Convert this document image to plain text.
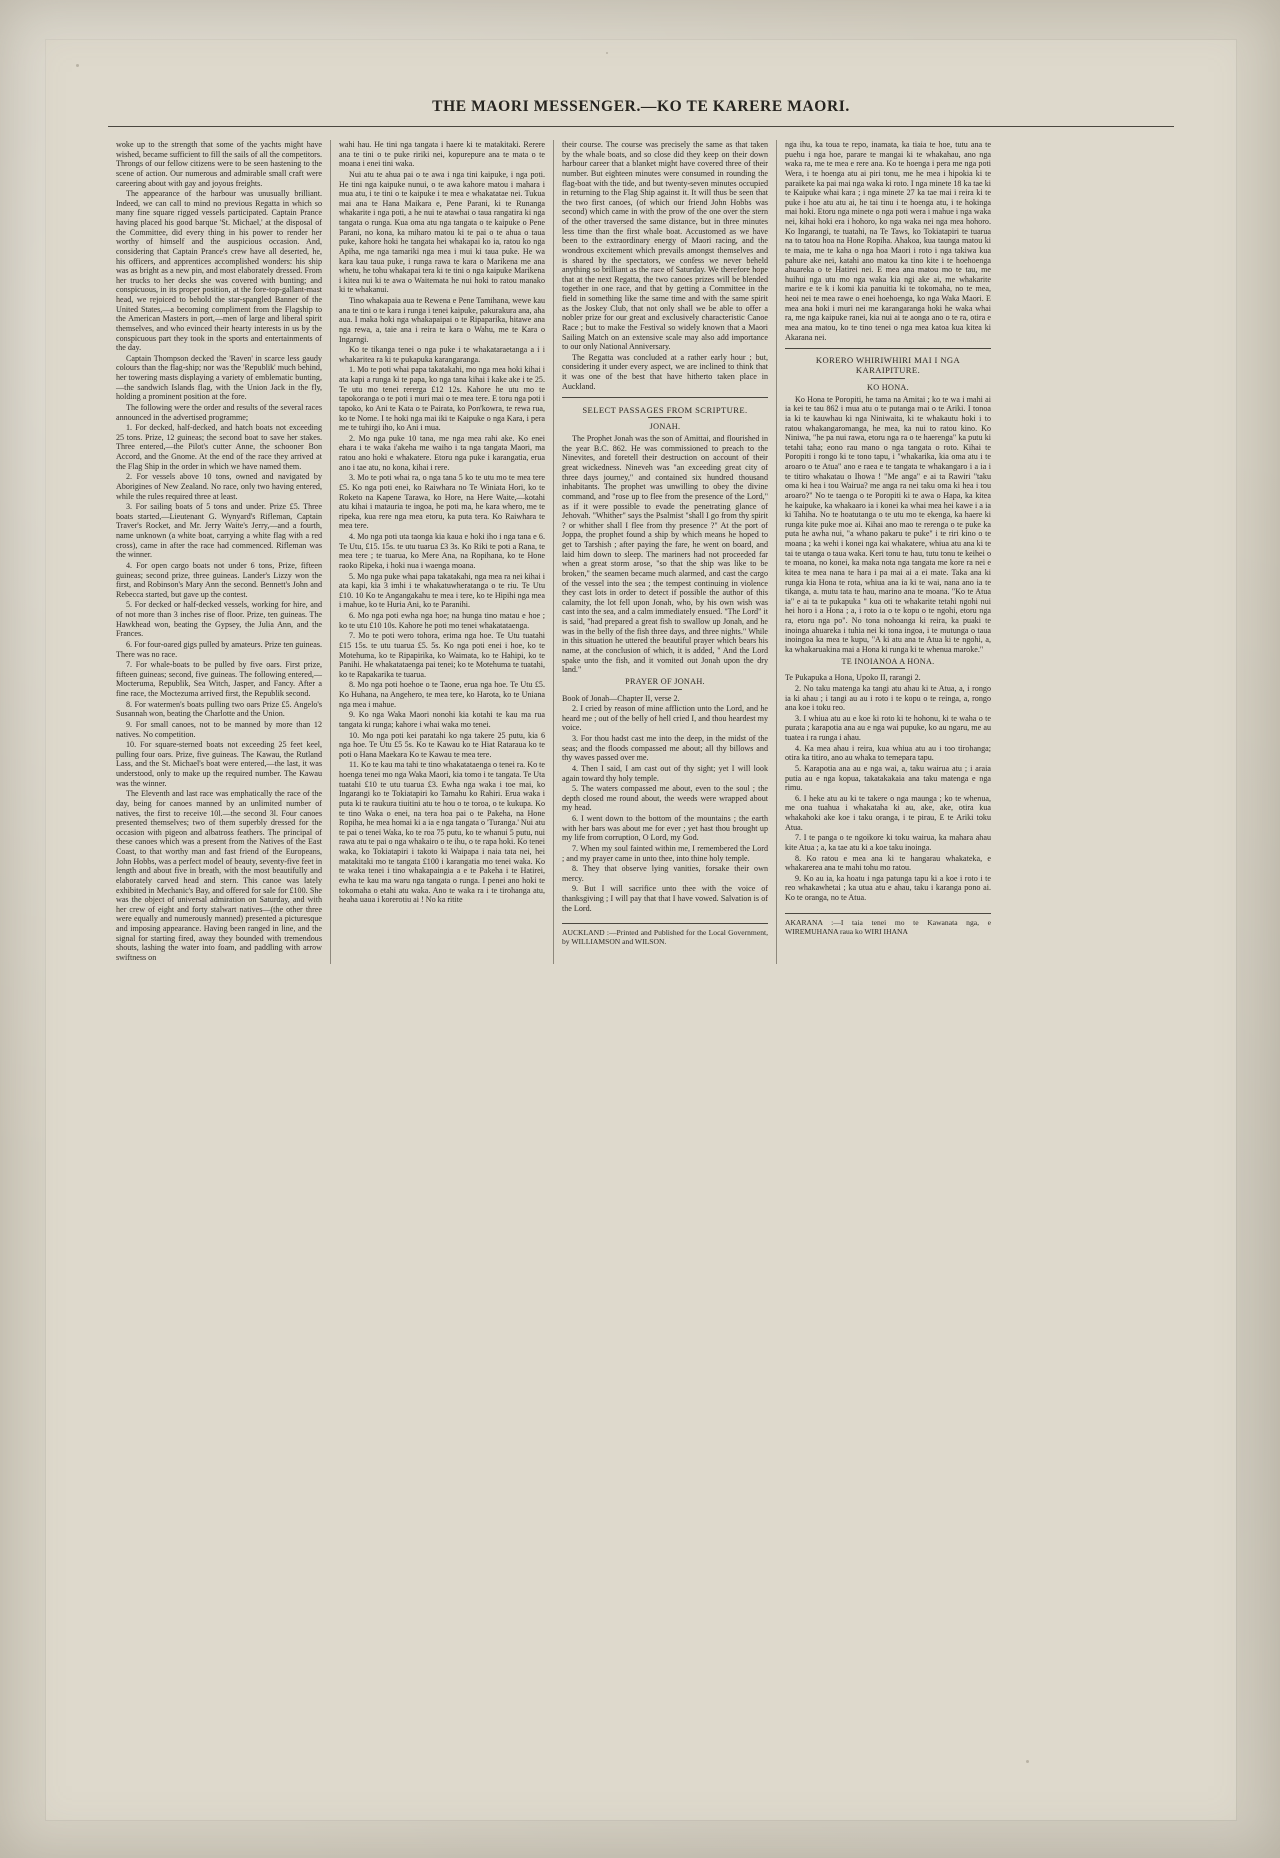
THE MAORI MESSENGER.—KO TE KARERE MAORI.

woke up to the strength that some of the yachts might have wished, became sufficient to fill the sails of all the competitors. Throngs of our fellow citizens were to be seen hastening to the scene of action. Our numerous and admirable small craft were careering about with gay and joyous freights.

The appearance of the harbour was unusually brilliant. Indeed, we can call to mind no previous Regatta in which so many fine square rigged vessels participated. Captain Prance having placed his good barque 'St. Michael,' at the disposal of the Committee, did every thing in his power to render her worthy of himself and the auspicious occasion. And, considering that Captain Prance's crew have all deserted, he, his officers, and apprentices accomplished wonders: his ship was as bright as a new pin, and most elaborately dressed. From her trucks to her decks she was covered with bunting; and conspicuous, in its proper position, at the fore-top-gallant-mast head, we rejoiced to behold the star-spangled Banner of the United States,—a becoming compliment from the Flagship to the American Masters in port,—men of large and liberal spirit themselves, and who evinced their hearty interests in us by the conspicuous part they took in the sports and entertainments of the day.

Captain Thompson decked the 'Raven' in scarce less gaudy colours than the flag-ship; nor was the 'Republik' much behind, her towering masts displaying a variety of emblematic bunting,—the sandwich Islands flag, with the Union Jack in the fly, holding a prominent position at the fore.

The following were the order and results of the several races announced in the advertised programme;

1. For decked, half-decked, and hatch boats not exceeding 25 tons. Prize, 12 guineas; the second boat to save her stakes. Three entered,—the Pilot's cutter Anne, the schooner Bon Accord, and the Gnome. At the end of the race they arrived at the Flag Ship in the order in which we have named them.

2. For vessels above 10 tons, owned and navigated by Aborigines of New Zealand. No race, only two having entered, while the rules required three at least.

3. For sailing boats of 5 tons and under. Prize £5. Three boats started,—Lieutenant G. Wynyard's Rifleman, Captain Traver's Rocket, and Mr. Jerry Waite's Jerry,—and a fourth, name unknown (a white boat, carrying a white flag with a red cross), came in after the race had commenced. Rifleman was the winner.

4. For open cargo boats not under 6 tons, Prize, fifteen guineas; second prize, three guineas. Lander's Lizzy won the first, and Robinson's Mary Ann the second. Bennett's John and Rebecca started, but gave up the contest.

5. For decked or half-decked vessels, working for hire, and of not more than 3 inches rise of floor. Prize, ten guineas. The Hawkhead won, beating the Gypsey, the Julia Ann, and the Frances.

6. For four-oared gigs pulled by amateurs. Prize ten guineas. There was no race.

7. For whale-boats to be pulled by five oars. First prize, fifteen guineas; second, five guineas. The following entered,—Mocteruma, Republik, Sea Witch, Jasper, and Fancy. After a fine race, the Moctezuma arrived first, the Republik second.

8. For watermen's boats pulling two oars Prize £5. Angelo's Susannah won, beating the Charlotte and the Union.

9. For small canoes, not to be manned by more than 12 natives. No competition.

10. For square-sterned boats not exceeding 25 feet keel, pulling four oars. Prize, five guineas. The Kawau, the Rutland Lass, and the St. Michael's boat were entered,—the last, it was understood, only to make up the required number. The Kawau was the winner.

The Eleventh and last race was emphatically the race of the day, being for canoes manned by an unlimited number of natives, the first to receive 10l.—the second 3l. Four canoes presented themselves; two of them superbly dressed for the occasion with pigeon and albatross feathers. The principal of these canoes which was a present from the Natives of the East Coast, to that worthy man and fast friend of the Europeans, John Hobbs, was a perfect model of beauty, seventy-five feet in length and about five in breath, with the most beautifully and elaborately carved head and stern. This canoe was lately exhibited in Mechanic's Bay, and offered for sale for £100. She was the object of universal admiration on Saturday, and with her crew of eight and forty stalwart natives—(the other three were equally and numerously manned) presented a picturesque and imposing appearance. Having been ranged in line, and the signal for starting fired, away they bounded with tremendous shouts, lashing the water into foam, and paddling with arrow swiftness on

wahi hau. He tini nga tangata i haere ki te matakitaki. Rerere ana te tini o te puke ririki nei, kopurepure ana te mata o te moana i enei tini waka.

Nui atu te ahua pai o te awa i nga tini kaipuke, i nga poti. He tini nga kaipuke nunui, o te awa kahore matou i mahara i mua atu, i te tini o te kaipuke i te mea e whakatatae nei. Tukua mai ana te Hana Maikara e, Pene Parani, ki te Runanga whakarite i nga poti, a he nui te atawhai o taua rangatira ki nga tangata o runga. Kua oma atu nga tangata o te kaipuke o Pene Parani, no kona, ka miharo matou ki te pai o te ahua o taua puke, kahore hoki he tangata hei whakapai ko ia, ratou ko nga Apiha, me nga tamariki nga mea i mui ki taua puke. He wa kara kau taua puke, i runga rawa te kara o Marikena me ana whetu, he tohu whakapai tera ki te tini o nga kaipuke Marikena i kitea nui ki te awa o Waitemata he nui hoki to ratou manako ki te whakanui.

Tino whakapaia aua te Rewena e Pene Tamihana, wewe kau ana te tini o te kara i runga i tenei kaipuke, pakurakura ana, aha aua. I maka hoki nga whakapaipai o te Ripaparika, hitawe ana nga rewa, a, taie ana i reira te kara o Wahu, me te Kara o Ingarngi.

Ko te tikanga tenei o nga puke i te whakataraetanga a i i whakaritea ra ki te pukapuka karangaranga.

1. Mo te poti whai papa takatakahi, mo nga mea hoki kihai i ata kapi a runga ki te papa, ko nga tana kihai i kake ake i te 25. Te utu mo tenei rererga £12 12s. Kahore he utu mo te tapokoranga o te poti i muri mai o te mea tere. E toru nga poti i tapoko, ko Ani te Kata o te Pairata, ko Pon'kowra, te rewa rua, ko te Nome. I te hoki nga mai iki te Kaipuke o nga Kara, i pera me te tuhirgi iho, ko Ani i mua.

2. Mo nga puke 10 tana, me nga mea rahi ake. Ko enei ehara i te waka i'akeha me waiho i ta nga tangata Maori, ma ratou ano hoki e whakatere. Etoru nga puke i karangatia, erua ano i tae atu, no kona, kihai i rere.

3. Mo te poti whai ra, o nga tana 5 ko te utu mo te mea tere £5. Ko nga poti enei, ko Raiwhara no Te Winiata Hori, ko te Roketo na Kapene Tarawa, ko Hore, na Here Waite,—kotahi atu kihai i matauria te ingoa, he poti ma, he kara whero, me te ripeka, kua rere nga mea etoru, ka puta tera. Ko Raiwhara te mea tere.

4. Mo nga poti uta taonga kia kaua e hoki iho i nga tana e 6. Te Utu, £15. 15s. te utu tuarua £3 3s. Ko Riki te poti a Rana, te mea tere ; te tuarua, ko Mere Ana, na Ropihana, ko te Hone raoko Ripeka, i hoki nua i waenga moana.

5. Mo nga puke whai papa takatakahi, nga mea ra nei kihai i ata kapi, kia 3 imhi i te whakatuwheratanga o te riu. Te Utu £10. 10 Ko te Angangakahu te mea i tere, ko te Hipihi nga mea i mahue, ko te Huria Ani, ko te Paranihi.

6. Mo nga poti ewha nga hoe; na hunga tino matau e hoe ; ko te utu £10 10s. Kahore he poti mo tenei whakatataenga.

7. Mo te poti wero tohora, erima nga hoe. Te Utu tuatahi £15 15s. te utu tuarua £5. 5s. Ko nga poti enei i hoe, ko te Motehuma, ko te Ripapirika, ko Waimata, ko te Hahipi, ko te Panihi. He whakatataenga pai tenei; ko te Motehuma te tuatahi, ko te Rapakarika te tuarua.

8. Mo nga poti hoehoe o te Taone, erua nga hoe. Te Utu £5. Ko Huhana, na Angehero, te mea tere, ko Harota, ko te Uniana nga mea i mahue.

9. Ko nga Waka Maori nonohi kia kotahi te kau ma rua tangata ki runga; kahore i whai waka mo tenei.

10. Mo nga poti kei paratahi ko nga takere 25 putu, kia 6 nga hoe. Te Utu £5 5s. Ko te Kawau ko te Hiat Rataraua ko te poti o Hana Maekara Ko te Kawau te mea tere.

11. Ko te kau ma tahi te tino whakatataenga o tenei ra. Ko te hoenga tenei mo nga Waka Maori, kia tomo i te tangata. Te Uta tuatahi £10 te utu tuarua £3. Ewha nga waka i toe mai, ko Ingarangi ko te Tokiatapiri ko Tamahu ko Rahiri. Erua waka i puta ki te raukura tiuitini atu te hou o te toroa, o te kukupa. Ko te tino Waka o enei, na tera hoa pai o te Pakeha, na Hone Ropiha, he mea homai ki a ia e nga tangata o 'Turanga.' Nui atu te pai o tenei Waka, ko te roa 75 putu, ko te whanui 5 putu, nui rawa atu te pai o nga whakairo o te ihu, o te rapa hoki. Ko tenei waka, ko Tokiatapiri i takoto ki Waipapa i naia tata nei, hei matakitaki mo te tangata £100 i karangatia mo tenei waka. Ko te waka tenei i tino whakapaingia a e te Pakeha i te Hatirei, ewha te kau ma waru nga tangata o runga. I penei ano hoki te tokomaha o etahi atu waka. Ano te waka ra i te tirohanga atu, heaha uaua i korerotiu ai ! No ka ritite

their course. The course was precisely the same as that taken by the whale boats, and so close did they keep on their down harbour career that a blanket might have covered three of their number. But eighteen minutes were consumed in rounding the flag-boat with the tide, and but twenty-seven minutes occupied in returning to the Flag Ship against it. It will thus be seen that the two first canoes, (of which our friend John Hobbs was second) which came in with the prow of the one over the stern of the other traversed the same distance, but in three minutes less time than the first whale boat. Accustomed as we have been to the extraordinary energy of Maori racing, and the wondrous excitement which prevails amongst themselves and is shared by the spectators, we confess we never beheld anything so brilliant as the race of Saturday. We therefore hope that at the next Regatta, the two canoes prizes will be blended together in one race, and that by getting a Committee in the field in something like the same time and with the same spirit as the Joskey Club, that not only shall we be able to offer a nobler prize for our great and exclusively characteristic Canoe Race ; but to make the Festival so widely known that a Maori Sailing Match on an extensive scale may also add importance to our only National Anniversary.

The Regatta was concluded at a rather early hour ; but, considering it under every aspect, we are inclined to think that it was one of the best that have hitherto taken place in Auckland.

SELECT PASSAGES FROM SCRIPTURE.
JONAH.

The Prophet Jonah was the son of Amittai, and flourished in the year B.C. 862. He was commissioned to preach to the Ninevites, and foretell their destruction on account of their great wickedness. Nineveh was "an exceeding great city of three days journey," and contained six hundred thousand inhabitants. The prophet was unwilling to obey the divine command, and "rose up to flee from the presence of the Lord," as if it were possible to evade the penetrating glance of Jehovah. "Whither" says the Psalmist "shall I go from thy spirit ? or whither shall I flee from thy presence ?" At the port of Joppa, the prophet found a ship by which means he hoped to get to Tarshish ; after paying the fare, he went on board, and laid him down to sleep. The mariners had not proceeded far when a great storm arose, "so that the ship was like to be broken," the seamen became much alarmed, and cast the cargo of the vessel into the sea ; the tempest continuing in violence they cast lots in order to detect if possible the author of this calamity, the lot fell upon Jonah, who, by his own wish was cast into the sea, and a calm immediately ensued. "The Lord" it is said, "had prepared a great fish to swallow up Jonah, and he was in the belly of the fish three days, and three nights." While in this situation he uttered the beautiful prayer which bears his name, at the conclusion of which, it is added, " And the Lord spake unto the fish, and it vomited out Jonah upon the dry land."

PRAYER OF JONAH.

Book of Jonah—Chapter II, verse 2.

2. I cried by reason of mine affliction unto the Lord, and he heard me ; out of the belly of hell cried I, and thou heardest my voice.

3. For thou hadst cast me into the deep, in the midst of the seas; and the floods compassed me about; all thy billows and thy waves passed over me.

4. Then I said, I am cast out of thy sight; yet I will look again toward thy holy temple.

5. The waters compassed me about, even to the soul ; the depth closed me round about, the weeds were wrapped about my head.

6. I went down to the bottom of the mountains ; the earth with her bars was about me for ever ; yet hast thou brought up my life from corruption, O Lord, my God.

7. When my soul fainted within me, I remembered the Lord ; and my prayer came in unto thee, into thine holy temple.

8. They that observe lying vanities, forsake their own mercy.

9. But I will sacrifice unto thee with the voice of thanksgiving ; I will pay that that I have vowed. Salvation is of the Lord.

AUCKLAND :—Printed and Published for the Local Government, by WILLIAMSON and WILSON.

nga ihu, ka toua te repo, inamata, ka tiaia te hoe, tutu ana te puehu i nga hoe, parare te mangai ki te whakahau, ano nga waka ra, me te mea e rere ana. Ko te hoenga i pera me nga poti Wera, i te hoenga atu ai piri tonu, me he mea i hipokia ki te paraikete ka pai mai nga waka ki roto. I nga minete 18 ka tae ki te Kaipuke whai kara ; i nga minete 27 ka tae mai i reira ki te puke i hoe atu atu ai, he tai tinu i te hoenga atu, i te hokinga mai hoki. Etoru nga minete o nga poti wera i mahue i nga waka nei, kihai hoki era i hohoro, ko nga waka nei nga mea hohoro. Ko Ingarangi, te tuatahi, na Te Taws, ko Tokiatapiri te tuarua na to tatou hoa na Hone Ropiha. Ahakoa, kua taunga matou ki te maia, me te kaha o nga hoa Maori i roto i nga takiwa kua pahure ake nei, katahi ano matou ka tino kite i te hoehoenga ahuareka o te Hatirei nei. E mea ana matou mo te tau, me huihui nga utu mo nga waka kia ngi ake ai, me whakarite marire e te k i komi kia panuitia ki te tokomaha, no te mea, heoi nei te mea rawe o enei hoehoenga, ko nga Waka Maori. E mea ana hoki i muri nei me karangaranga hoki he waka whai ra, me nga kaipuke ranei, kia nui ai te aonga ano o te ra, otira e mea ana matou, ko te tino tenei o nga mea katoa kua kitea ki Akarana nei.

KORERO WHIRIWHIRI MAI I NGA KARAIPITURE.
KO HONA.

Ko Hona te Poropiti, he tama na Amitai ; ko te wa i mahi ai ia kei te tau 862 i mua atu o te putanga mai o te Ariki. I tonoa ia ki te kauwhau ki nga Niniwaita, ki te whakautu hoki i to ratou whakangaromanga, he mea, ka nui to ratou kino. Ko Niniwa, "he pa nui rawa, etoru nga ra o te haerenga" ka putu ki tetahi taha; eono rau mano o nga tangata o roto. Kihai te Poropiti i rongo ki te tono tapu, i "whakarika, kia oma atu i te aroaro o te Atua" ano e raea e te tangata te whakangaro i a ia i te titiro whakatau o Ihowa ! "Me anga" e ai ta Rawiri "taku oma ki hea i tou Wairua? me anga ra nei taku oma ki hea i tou aroaro?" No te taenga o te Poropiti ki te awa o Hapa, ka kitea he kaipuke, ka whakaaro ia i konei ka whai mea hei kawe i a ia ki Tahiha. No te hoatutanga o te utu mo te ekenga, ka haere ki runga kite puke moe ai. Kihai ano mao te rerenga o te puke ka puta he awha nui, "a whano pakaru te puke" i te riri kino o te moana ; ka wehi i konei nga kai whakatere, whiua atu ana ki te tai te utanga o taua waka. Keri tonu te hau, tutu tonu te keihei o te moana, no konei, ka maka nota nga tangata me kore ra nei e kitea te mea nana te hara i pa mai ai a ei mate. Taka ana ki runga kia Hona te rota, whiua ana ia ki te wai, nana ano ia te tikanga, a. mutu tata te hau, marino ana te moana. "Ko te Atua ia" e ai ta te pukapuka " kua oti te whakarite tetahi ngohi nui hei horo i a Hona ; a, i roto ia o te kopu o te ngohi, etoru nga ra, etoru nga po". No tona nohoanga ki reira, ka puaki te inoinga ahuareka i tuhia nei ki tona ingoa, i te mutunga o taua inoingoa ka mea te kupu, "A ki atu ana te Atua ki te ngohi, a, ka whakaruakina mai a Hona ki runga ki te whenua maroke."

TE INOIANOA A HONA.

Te Pukapuka a Hona, Upoko II, rarangi 2.

2. No taku matenga ka tangi atu ahau ki te Atua, a, i rongo ia ki ahau ; i tangi au au i roto i te kopu o te reinga, a, rongo ana koe i toku reo.

3. I whiua atu au e koe ki roto ki te hohonu, ki te waha o te purata ; karapotia ana au e nga wai pupuke, ko au ngaru, me au tuatea i ra runga i ahau.

4. Ka mea ahau i reira, kua whiua atu au i too tirohanga; otira ka titiro, ano au whaka to temepara tapu.

5. Karapotia ana au e nga wai, a, taku wairua atu ; i araia putia au e nga kopua, takatakakaia ana taku matenga e nga rimu.

6. I heke atu au ki te takere o nga maunga ; ko te whenua, me ona tuahua i whakataha ki au, ake, ake, otira kua whakahoki ake koe i taku oranga, i te pirau, E te Ariki toku Atua.

7. I te panga o te ngoikore ki toku wairua, ka mahara ahau kite Atua ; a, ka tae atu ki a koe taku inoinga.

8. Ko ratou e mea ana ki te hangarau whakateka, e whakarerea ana te mahi tohu mo ratou.

9. Ko au ia, ka hoatu i nga patunga tapu ki a koe i roto i te reo whakawhetai ; ka utua atu e ahau, taku i karanga pono ai. Ko te oranga, no te Atua.

AKARANA :—I taia tenei mo te Kawanata nga, e WIREMUHANA raua ko WIRI IHANA
